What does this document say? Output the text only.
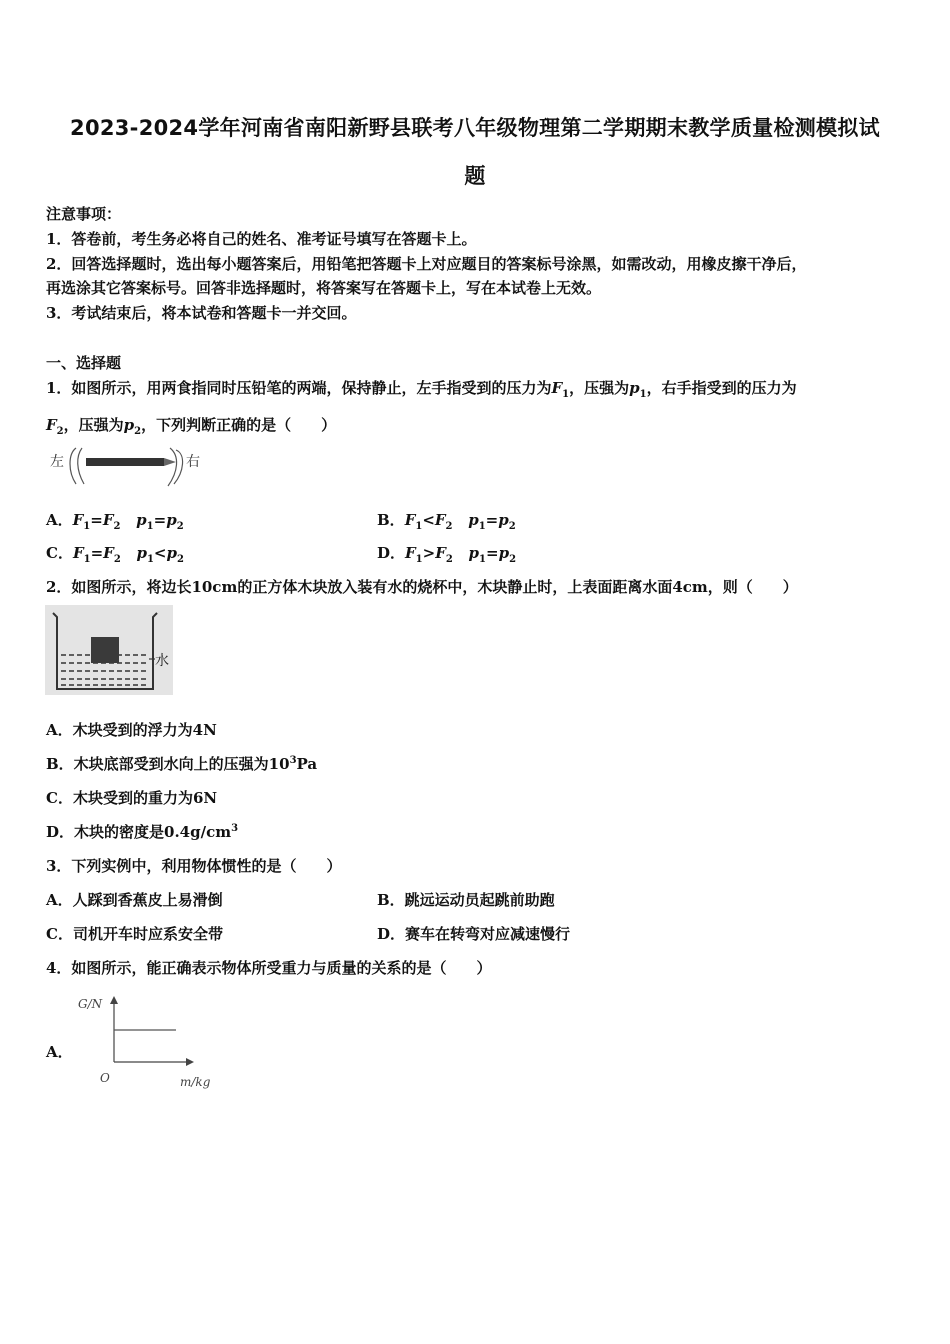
2023-2024学年河南省南阳新野县联考八年级物理第二学期期末教学质量检测模拟试
题
注意事项：
1．答卷前，考生务必将自己的姓名、准考证号填写在答题卡上。
2．回答选择题时，选出每小题答案后，用铅笔把答题卡上对应题目的答案标号涂黑，如需改动，用橡皮擦干净后，
再选涂其它答案标号。回答非选择题时，将答案写在答题卡上，写在本试卷上无效。
3．考试结束后，将本试卷和答题卡一并交回。
一、选择题
1．如图所示，用两食指同时压铅笔的两端，保持静止，左手指受到的压力为$F_1$，压强为$p_1$，右手指受到的压力为
$F_2$，压强为$p_2$，下列判断正确的是（　　）
左	右
A．$F_1=F_2$ $p_1=p_2$	B．$F_1<F_2$ $p_1=p_2$
C．$F_1=F_2$ $p_1<p_2$	D．$F_1>F_2$ $p_1=p_2$
2．如图所示，将边长10cm的正方体木块放入装有水的烧杯中，木块静止时，上表面距离水面4cm，则（　　）
水
A．木块受到的浮力为4N
B．木块底部受到水向上的压强为$10^3Pa$
C．木块受到的重力为6N
D．木块的密度是$0.4g/cm^3$
3．下列实例中，利用物体惯性的是（　　）
A．人踩到香蕉皮上易滑倒	B．跳远运动员起跳前助跑
C．司机开车时应系安全带	D．赛车在转弯对应减速慢行
4．如图所示，能正确表示物体所受重力与质量的关系的是（　　）
A．
G/N
O	m/kg
